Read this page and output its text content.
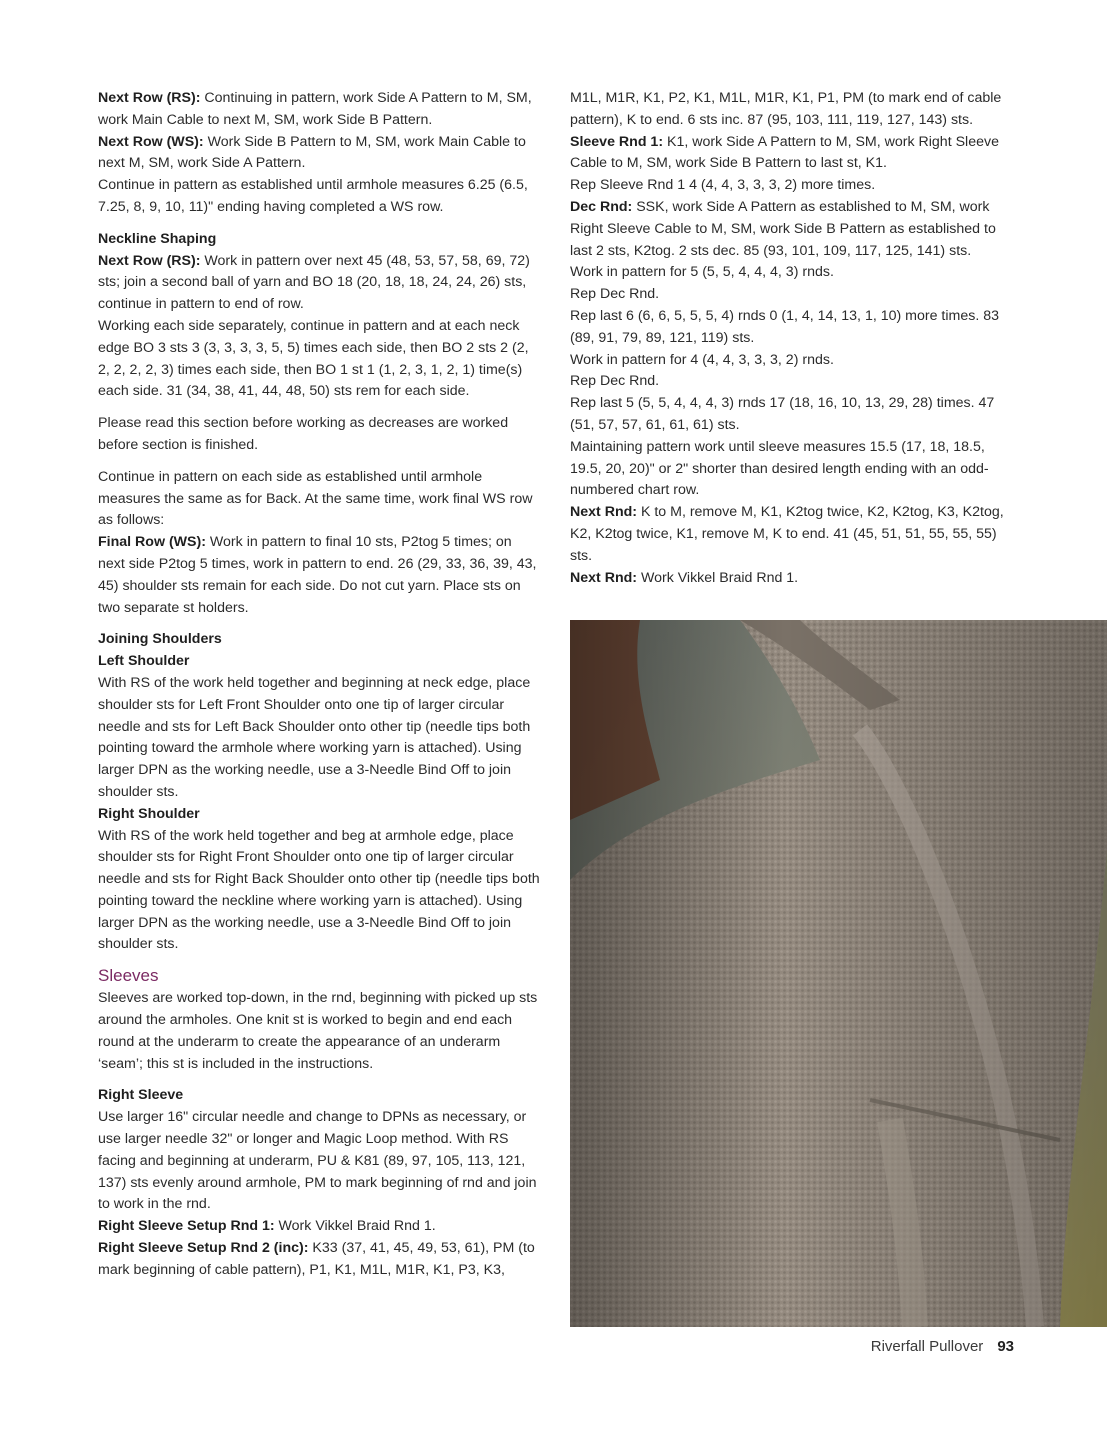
Next Row (RS): Continuing in pattern, work Side A Pattern to M, SM, work Main Cable to next M, SM, work Side B Pattern.

Next Row (WS): Work Side B Pattern to M, SM, work Main Cable to next M, SM, work Side A Pattern.

Continue in pattern as established until armhole measures 6.25 (6.5, 7.25, 8, 9, 10, 11)" ending having completed a WS row.

Neckline Shaping

Next Row (RS): Work in pattern over next 45 (48, 53, 57, 58, 69, 72) sts; join a second ball of yarn and BO 18 (20, 18, 18, 24, 24, 26) sts, continue in pattern to end of row.

Working each side separately, continue in pattern and at each neck edge BO 3 sts 3 (3, 3, 3, 3, 5, 5) times each side, then BO 2 sts 2 (2, 2, 2, 2, 2, 3) times each side, then BO 1 st 1 (1, 2, 3, 1, 2, 1) time(s) each side. 31 (34, 38, 41, 44, 48, 50) sts rem for each side.

Please read this section before working as decreases are worked before section is finished.

Continue in pattern on each side as established until armhole measures the same as for Back. At the same time, work final WS row as follows:

Final Row (WS): Work in pattern to final 10 sts, P2tog 5 times; on next side P2tog 5 times, work in pattern to end. 26 (29, 33, 36, 39, 43, 45) shoulder sts remain for each side. Do not cut yarn. Place sts on two separate st holders.

Joining Shoulders
Left Shoulder

With RS of the work held together and beginning at neck edge, place shoulder sts for Left Front Shoulder onto one tip of larger circular needle and sts for Left Back Shoulder onto other tip (needle tips both pointing toward the armhole where working yarn is attached). Using larger DPN as the working needle, use a 3-Needle Bind Off to join shoulder sts.

Right Shoulder

With RS of the work held together and beg at armhole edge, place shoulder sts for Right Front Shoulder onto one tip of larger circular needle and sts for Right Back Shoulder onto other tip (needle tips both pointing toward the neckline where working yarn is attached). Using larger DPN as the working needle, use a 3-Needle Bind Off to join shoulder sts.

Sleeves

Sleeves are worked top-down, in the rnd, beginning with picked up sts around the armholes. One knit st is worked to begin and end each round at the underarm to create the appearance of an underarm ‘seam’; this st is included in the instructions.

Right Sleeve

Use larger 16" circular needle and change to DPNs as necessary, or use larger needle 32" or longer and Magic Loop method. With RS facing and beginning at underarm, PU & K81 (89, 97, 105, 113, 121, 137) sts evenly around armhole, PM to mark beginning of rnd and join to work in the rnd.

Right Sleeve Setup Rnd 1: Work Vikkel Braid Rnd 1.

Right Sleeve Setup Rnd 2 (inc): K33 (37, 41, 45, 49, 53, 61), PM (to mark beginning of cable pattern), P1, K1, M1L, M1R, K1, P3, K3,

M1L, M1R, K1, P2, K1, M1L, M1R, K1, P1, PM (to mark end of cable pattern), K to end. 6 sts inc. 87 (95, 103, 111, 119, 127, 143) sts.

Sleeve Rnd 1: K1, work Side A Pattern to M, SM, work Right Sleeve Cable to M, SM, work Side B Pattern to last st, K1.

Rep Sleeve Rnd 1 4 (4, 4, 3, 3, 3, 2) more times.

Dec Rnd: SSK, work Side A Pattern as established to M, SM, work Right Sleeve Cable to M, SM, work Side B Pattern as established to last 2 sts, K2tog. 2 sts dec. 85 (93, 101, 109, 117, 125, 141) sts.

Work in pattern for 5 (5, 5, 4, 4, 4, 3) rnds.

Rep Dec Rnd.

Rep last 6 (6, 6, 5, 5, 5, 4) rnds 0 (1, 4, 14, 13, 1, 10) more times. 83 (89, 91, 79, 89, 121, 119) sts.

Work in pattern for 4 (4, 4, 3, 3, 3, 2) rnds.

Rep Dec Rnd.

Rep last 5 (5, 5, 4, 4, 4, 3) rnds 17 (18, 16, 10, 13, 29, 28) times. 47 (51, 57, 57, 61, 61, 61) sts.

Maintaining pattern work until sleeve measures 15.5 (17, 18, 18.5, 19.5, 20, 20)" or 2" shorter than desired length ending with an odd-numbered chart row.

Next Rnd: K to M, remove M, K1, K2tog twice, K2, K2tog, K3, K2tog, K2, K2tog twice, K1, remove M, K to end. 41 (45, 51, 51, 55, 55, 55) sts.

Next Rnd: Work Vikkel Braid Rnd 1.

Riverfall Pullover 93
